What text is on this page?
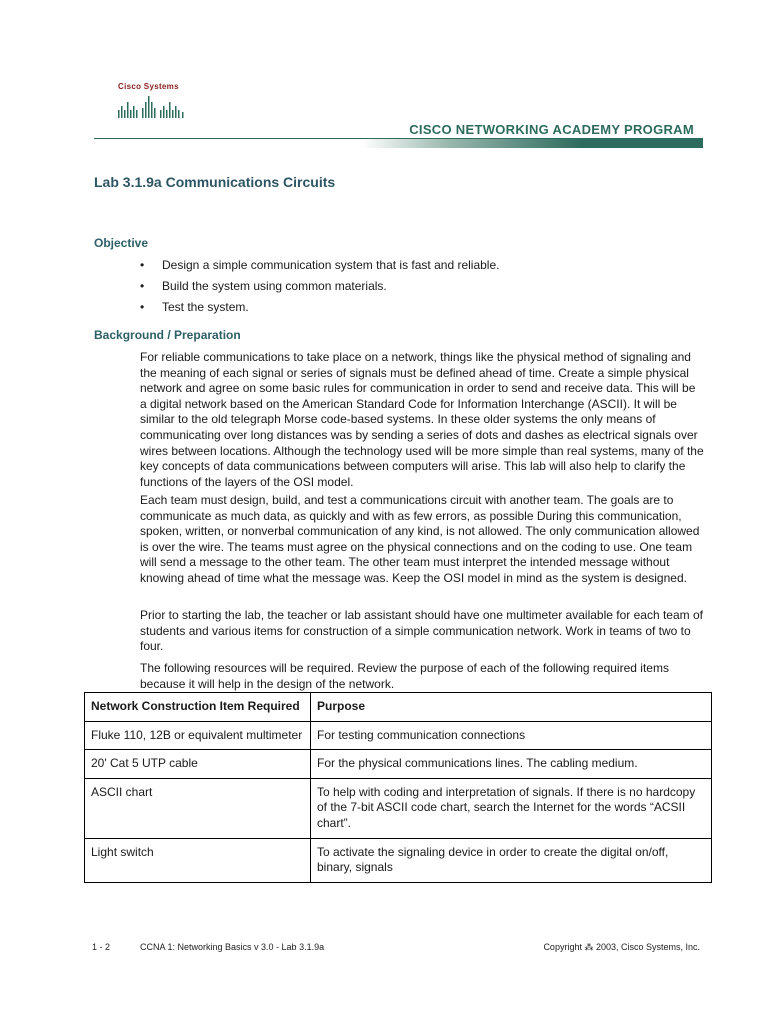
Cisco Systems
CISCO NETWORKING ACADEMY PROGRAM
Lab 3.1.9a Communications Circuits
Objective
• Design a simple communication system that is fast and reliable.
• Build the system using common materials.
• Test the system.
Background / Preparation

For reliable communications to take place on a network, things like the physical method of signaling and the meaning of each signal or series of signals must be defined ahead of time. Create a simple physical network and agree on some basic rules for communication in order to send and receive data. This will be a digital network based on the American Standard Code for Information Interchange (ASCII). It will be similar to the old telegraph Morse code-based systems. In these older systems the only means of communicating over long distances was by sending a series of dots and dashes as electrical signals over wires between locations. Although the technology used will be more simple than real systems, many of the key concepts of data communications between computers will arise. This lab will also help to clarify the functions of the layers of the OSI model.

Each team must design, build, and test a communications circuit with another team. The goals are to communicate as much data, as quickly and with as few errors, as possible During this communication, spoken, written, or nonverbal communication of any kind, is not allowed. The only communication allowed is over the wire. The teams must agree on the physical connections and on the coding to use. One team will send a message to the other team. The other team must interpret the intended message without knowing ahead of time what the message was. Keep the OSI model in mind as the system is designed.

Prior to starting the lab, the teacher or lab assistant should have one multimeter available for each team of students and various items for construction of a simple communication network. Work in teams of two to four.

The following resources will be required. Review the purpose of each of the following required items because it will help in the design of the network.

Network Construction Item Required	Purpose
Fluke 110, 12B or equivalent multimeter	For testing communication connections
20' Cat 5 UTP cable	For the physical communications lines. The cabling medium.
ASCII chart	To help with coding and interpretation of signals. If there is no hardcopy of the 7-bit ASCII code chart, search the Internet for the words “ACSII chart”.
Light switch	To activate the signaling device in order to create the digital on/off, binary, signals
1 - 2	CCNA 1: Networking Basics v 3.0 - Lab 3.1.9a	Copyright ⁂ 2003, Cisco Systems, Inc.
